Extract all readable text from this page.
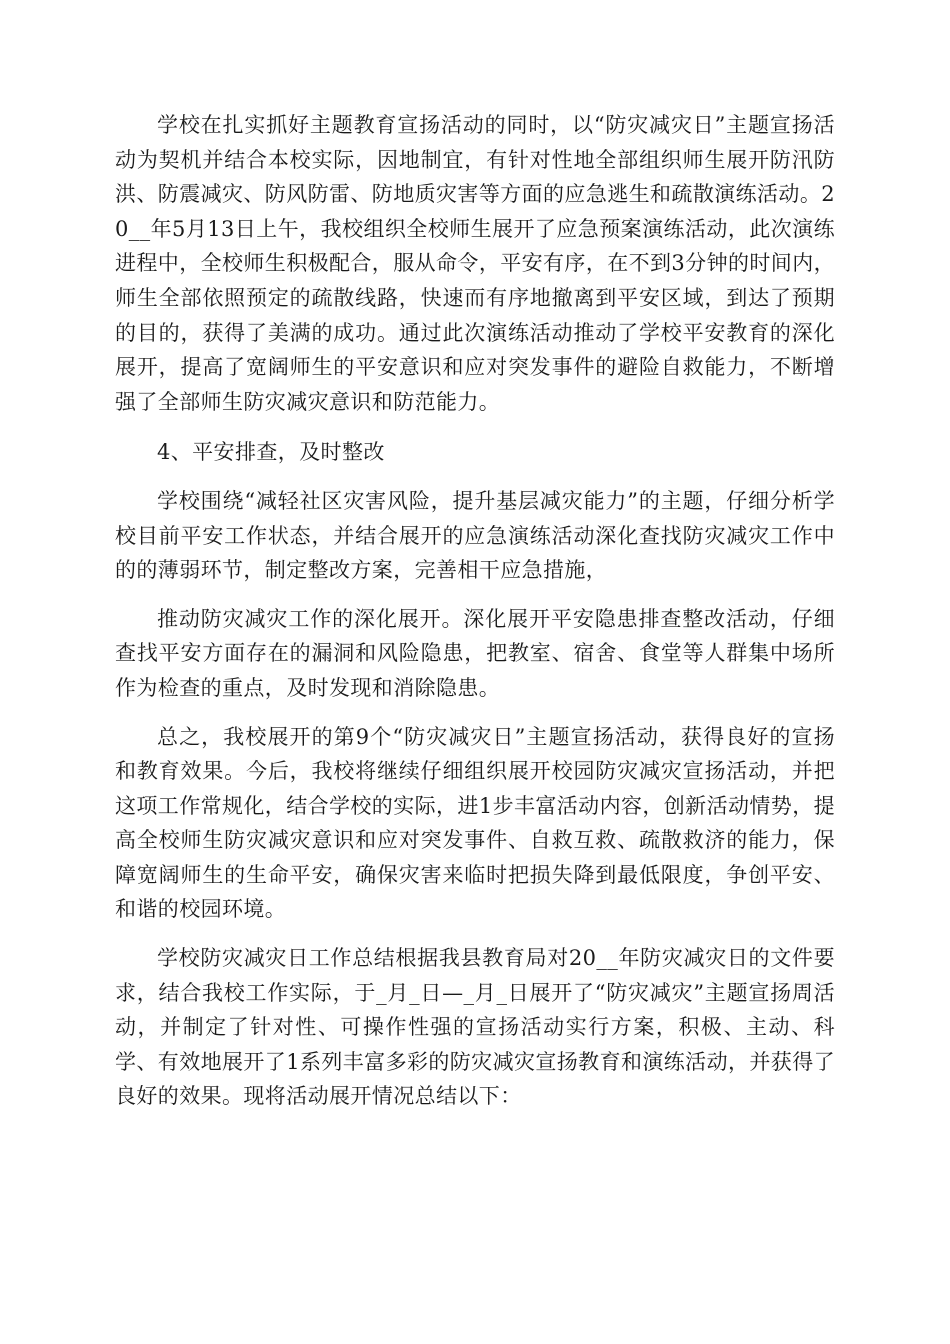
学校在扎实抓好主题教育宣扬活动的同时，以“防灾减灾日”主题宣扬活动为契机并结合本校实际，因地制宜，有针对性地全部组织师生展开防汛防洪、防震减灾、防风防雷、防地质灾害等方面的应急逃生和疏散演练活动。20__年5月13日上午，我校组织全校师生展开了应急预案演练活动，此次演练进程中，全校师生积极配合，服从命令，平安有序，在不到3分钟的时间内，师生全部依照预定的疏散线路，快速而有序地撤离到平安区域，到达了预期的目的，获得了美满的成功。通过此次演练活动推动了学校平安教育的深化展开，提高了宽阔师生的平安意识和应对突发事件的避险自救能力，不断增强了全部师生防灾减灾意识和防范能力。

4、平安排查，及时整改

学校围绕“减轻社区灾害风险，提升基层减灾能力”的主题，仔细分析学校目前平安工作状态，并结合展开的应急演练活动深化查找防灾减灾工作中的的薄弱环节，制定整改方案，完善相干应急措施，

推动防灾减灾工作的深化展开。深化展开平安隐患排查整改活动，仔细查找平安方面存在的漏洞和风险隐患，把教室、宿舍、食堂等人群集中场所作为检查的重点，及时发现和消除隐患。

总之，我校展开的第9个“防灾减灾日”主题宣扬活动，获得良好的宣扬和教育效果。今后，我校将继续仔细组织展开校园防灾减灾宣扬活动，并把这项工作常规化，结合学校的实际，进1步丰富活动内容，创新活动情势，提高全校师生防灾减灾意识和应对突发事件、自救互救、疏散救济的能力，保障宽阔师生的生命平安，确保灾害来临时把损失降到最低限度，争创平安、和谐的校园环境。

学校防灾减灾日工作总结根据我县教育局对20__年防灾减灾日的文件要求，结合我校工作实际，于_月_日—_月_日展开了“防灾减灾”主题宣扬周活动，并制定了针对性、可操作性强的宣扬活动实行方案，积极、主动、科学、有效地展开了1系列丰富多彩的防灾减灾宣扬教育和演练活动，并获得了良好的效果。现将活动展开情况总结以下：
